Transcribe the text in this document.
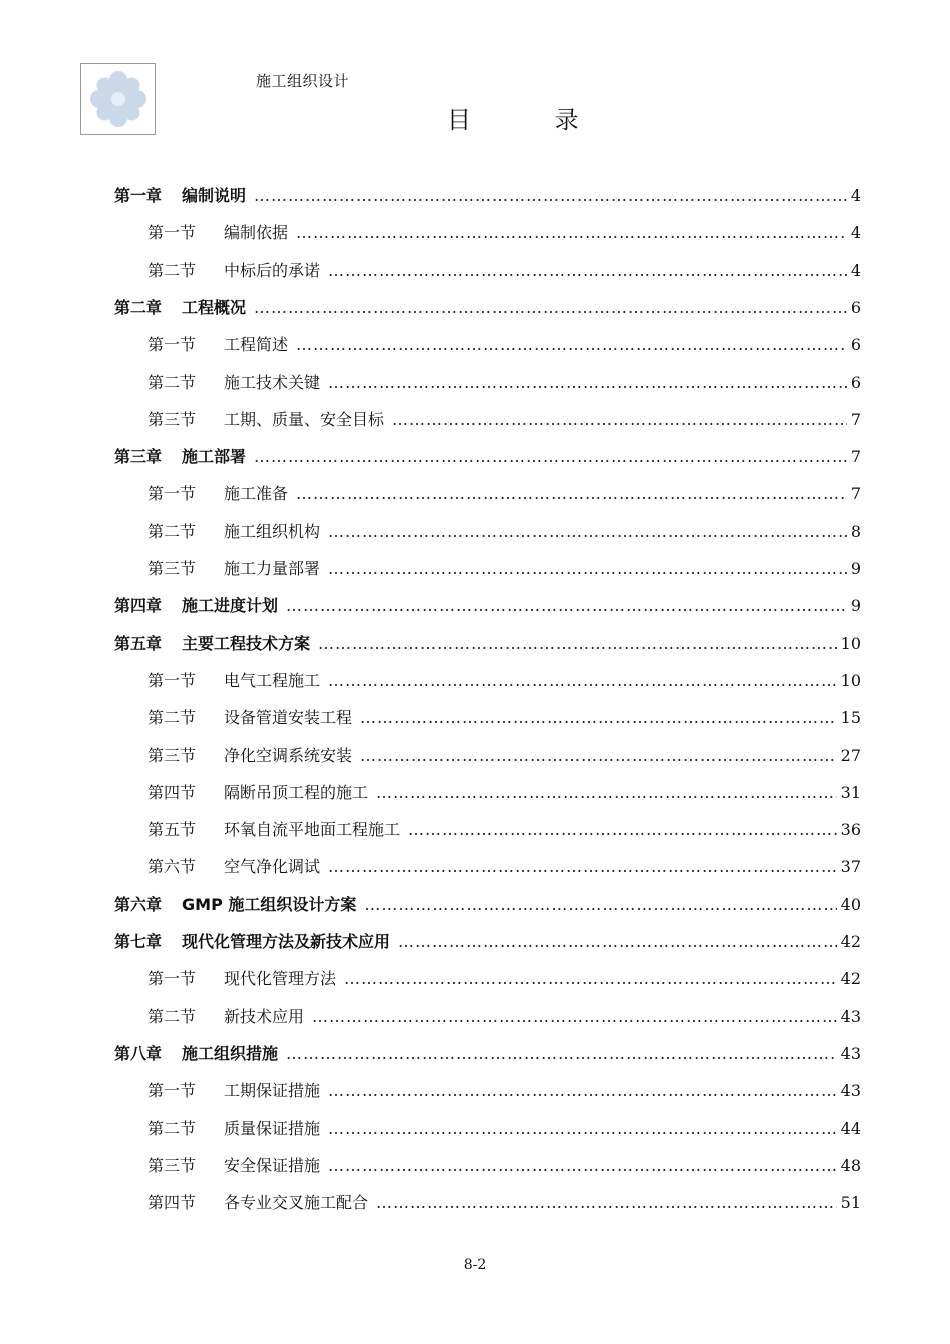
施工组织设计
目 录
第一章 编制说明 ……………………………………………………………………………………………………………………………………………………………………………………………………………………	4
第一节 编制依据 ……………………………………………………………………………………………………………………………………………………………………………………………………………………	4
第二节 中标后的承诺 ……………………………………………………………………………………………………………………………………………………………………………………………………………………	4
第二章 工程概况 ……………………………………………………………………………………………………………………………………………………………………………………………………………………	6
第一节 工程简述 ……………………………………………………………………………………………………………………………………………………………………………………………………………………	6
第二节 施工技术关键 ……………………………………………………………………………………………………………………………………………………………………………………………………………………	6
第三节 工期、质量、安全目标 ……………………………………………………………………………………………………………………………………………………………………………………………………………………	7
第三章 施工部署 ……………………………………………………………………………………………………………………………………………………………………………………………………………………	7
第一节 施工准备 ……………………………………………………………………………………………………………………………………………………………………………………………………………………	7
第二节 施工组织机构 ……………………………………………………………………………………………………………………………………………………………………………………………………………………	8
第三节 施工力量部署 ……………………………………………………………………………………………………………………………………………………………………………………………………………………	9
第四章 施工进度计划 ……………………………………………………………………………………………………………………………………………………………………………………………………………………	9
第五章 主要工程技术方案 ……………………………………………………………………………………………………………………………………………………………………………………………………………………	10
第一节 电气工程施工 ……………………………………………………………………………………………………………………………………………………………………………………………………………………	10
第二节 设备管道安装工程 ……………………………………………………………………………………………………………………………………………………………………………………………………………………	15
第三节 净化空调系统安装 ……………………………………………………………………………………………………………………………………………………………………………………………………………………	27
第四节 隔断吊顶工程的施工 ……………………………………………………………………………………………………………………………………………………………………………………………………………………	31
第五节 环氧自流平地面工程施工 ……………………………………………………………………………………………………………………………………………………………………………………………………………………	36
第六节 空气净化调试 ……………………………………………………………………………………………………………………………………………………………………………………………………………………	37
第六章 GMP 施工组织设计方案 ……………………………………………………………………………………………………………………………………………………………………………………………………………………	40
第七章 现代化管理方法及新技术应用 ……………………………………………………………………………………………………………………………………………………………………………………………………………………	42
第一节 现代化管理方法 ……………………………………………………………………………………………………………………………………………………………………………………………………………………	42
第二节 新技术应用 ……………………………………………………………………………………………………………………………………………………………………………………………………………………	43
第八章 施工组织措施 ……………………………………………………………………………………………………………………………………………………………………………………………………………………	43
第一节 工期保证措施 ……………………………………………………………………………………………………………………………………………………………………………………………………………………	43
第二节 质量保证措施 ……………………………………………………………………………………………………………………………………………………………………………………………………………………	44
第三节 安全保证措施 ……………………………………………………………………………………………………………………………………………………………………………………………………………………	48
第四节 各专业交叉施工配合 ……………………………………………………………………………………………………………………………………………………………………………………………………………………	51
8-2
